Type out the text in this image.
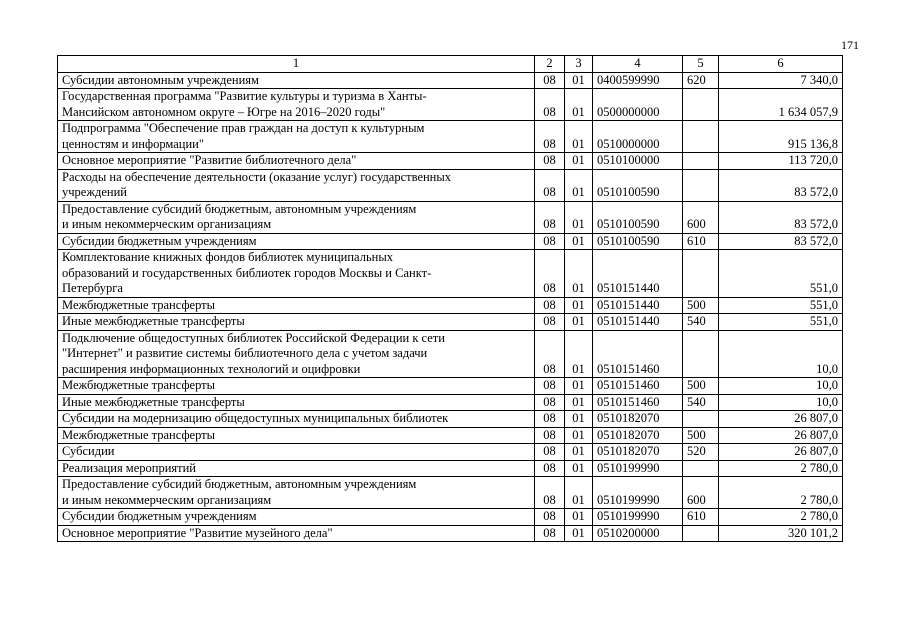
171
1	2	3	4	5	6
Субсидии автономным учреждениям	08	01	0400599990	620	7 340,0
Государственная программа "Развитие культуры и туризма в Ханты-
Мансийском автономном округе – Югре на 2016–2020 годы"	08	01	0500000000		1 634 057,9
Подпрограмма "Обеспечение прав граждан на доступ к культурным
ценностям и информации"	08	01	0510000000		915 136,8
Основное мероприятие "Развитие библиотечного дела"	08	01	0510100000		113 720,0
Расходы на обеспечение деятельности (оказание услуг) государственных
учреждений	08	01	0510100590		83 572,0
Предоставление субсидий бюджетным, автономным учреждениям
и иным некоммерческим организациям	08	01	0510100590	600	83 572,0
Субсидии бюджетным учреждениям	08	01	0510100590	610	83 572,0
Комплектование книжных фондов библиотек муниципальных
образований и государственных библиотек городов Москвы и Санкт-
Петербурга	08	01	0510151440		551,0
Межбюджетные трансферты	08	01	0510151440	500	551,0
Иные межбюджетные трансферты	08	01	0510151440	540	551,0
Подключение общедоступных библиотек Российской Федерации к сети
"Интернет" и развитие системы библиотечного дела с учетом задачи
расширения информационных технологий и оцифровки	08	01	0510151460		10,0
Межбюджетные трансферты	08	01	0510151460	500	10,0
Иные межбюджетные трансферты	08	01	0510151460	540	10,0
Субсидии на модернизацию общедоступных муниципальных библиотек	08	01	0510182070		26 807,0
Межбюджетные трансферты	08	01	0510182070	500	26 807,0
Субсидии	08	01	0510182070	520	26 807,0
Реализация мероприятий	08	01	0510199990		2 780,0
Предоставление субсидий бюджетным, автономным учреждениям
и иным некоммерческим организациям	08	01	0510199990	600	2 780,0
Субсидии бюджетным учреждениям	08	01	0510199990	610	2 780,0
Основное мероприятие "Развитие музейного дела"	08	01	0510200000		320 101,2
